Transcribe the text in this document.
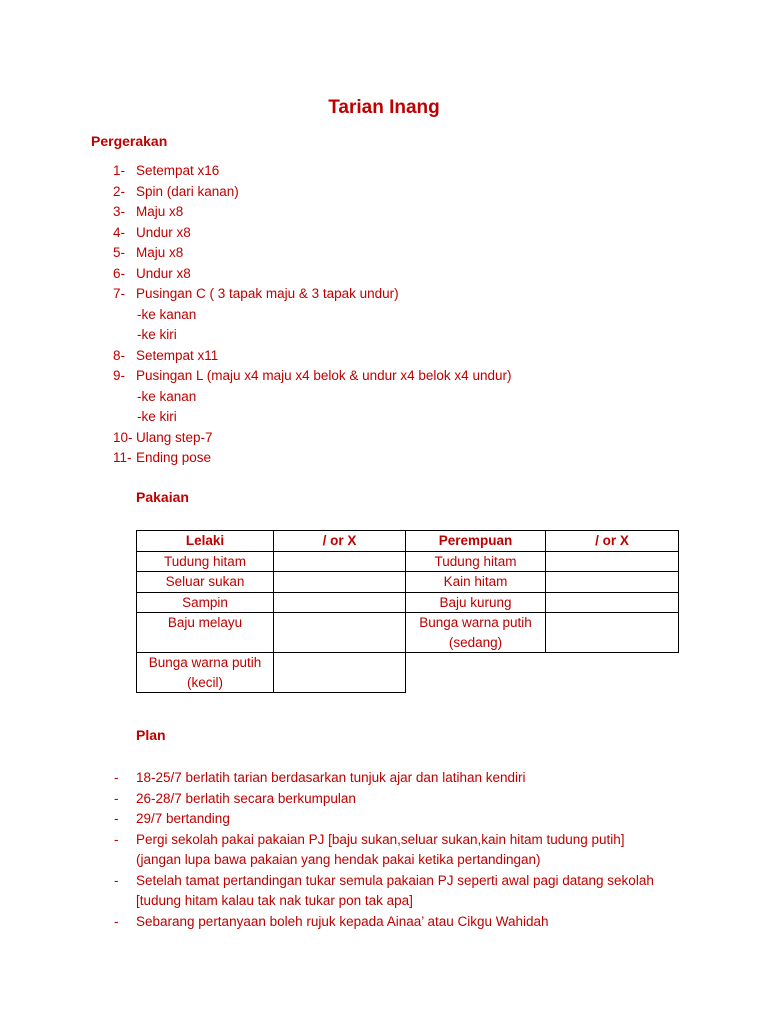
Tarian Inang
Pergerakan
1- Setempat x16
2- Spin (dari kanan)
3- Maju x8
4- Undur x8
5- Maju x8
6- Undur x8
7- Pusingan C ( 3 tapak maju & 3 tapak undur)
-ke kanan
-ke kiri
8- Setempat x11
9- Pusingan L (maju x4 maju x4 belok & undur x4 belok x4 undur)
-ke kanan
-ke kiri
10- Ulang step-7
11- Ending pose
Pakaian
Lelaki	/ or X	Perempuan	/ or X
Tudung hitam		Tudung hitam	
Seluar sukan		Kain hitam	
Sampin		Baju kurung	
Baju melayu		Bunga warna putih (sedang)	
Bunga warna putih (kecil)			
Plan
- 18-25/7 berlatih tarian berdasarkan tunjuk ajar dan latihan kendiri
- 26-28/7 berlatih secara berkumpulan
- 29/7 bertanding
- Pergi sekolah pakai pakaian PJ [baju sukan,seluar sukan,kain hitam tudung putih]
(jangan lupa bawa pakaian yang hendak pakai ketika pertandingan)
- Setelah tamat pertandingan tukar semula pakaian PJ seperti awal pagi datang sekolah
[tudung hitam kalau tak nak tukar pon tak apa]
- Sebarang pertanyaan boleh rujuk kepada Ainaa’ atau Cikgu Wahidah
